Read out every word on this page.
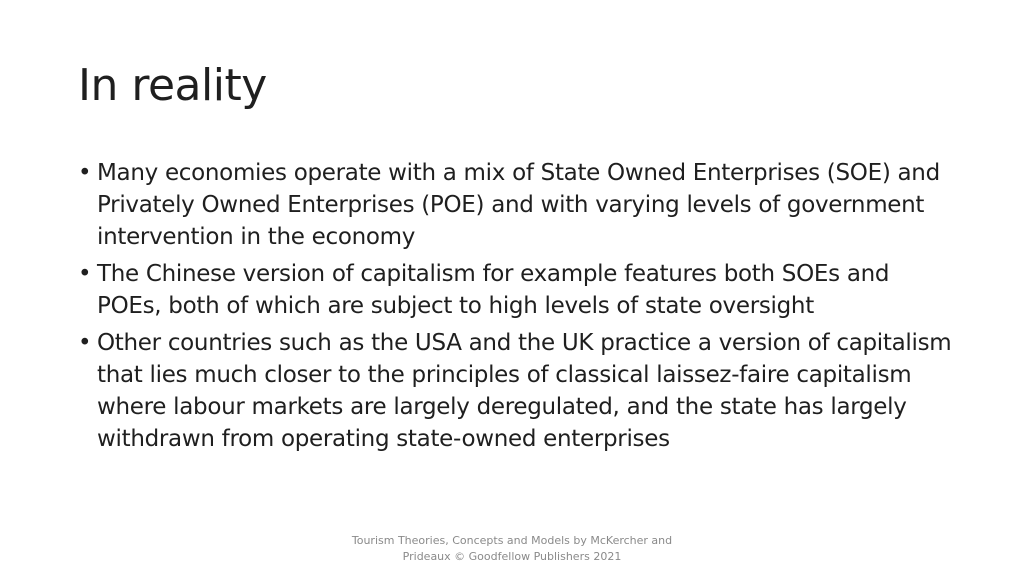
In reality
• Many economies operate with a mix of State Owned Enterprises (SOE) and Privately Owned Enterprises (POE) and with varying levels of government intervention in the economy
• The Chinese version of capitalism for example features both SOEs and POEs, both of which are subject to high levels of state oversight
• Other countries such as the USA and the UK practice a version of capitalism that lies much closer to the principles of classical laissez-faire capitalism where labour markets are largely deregulated, and the state has largely withdrawn from operating state-owned enterprises
Tourism Theories, Concepts and Models by McKercher and
Prideaux © Goodfellow Publishers 2021
